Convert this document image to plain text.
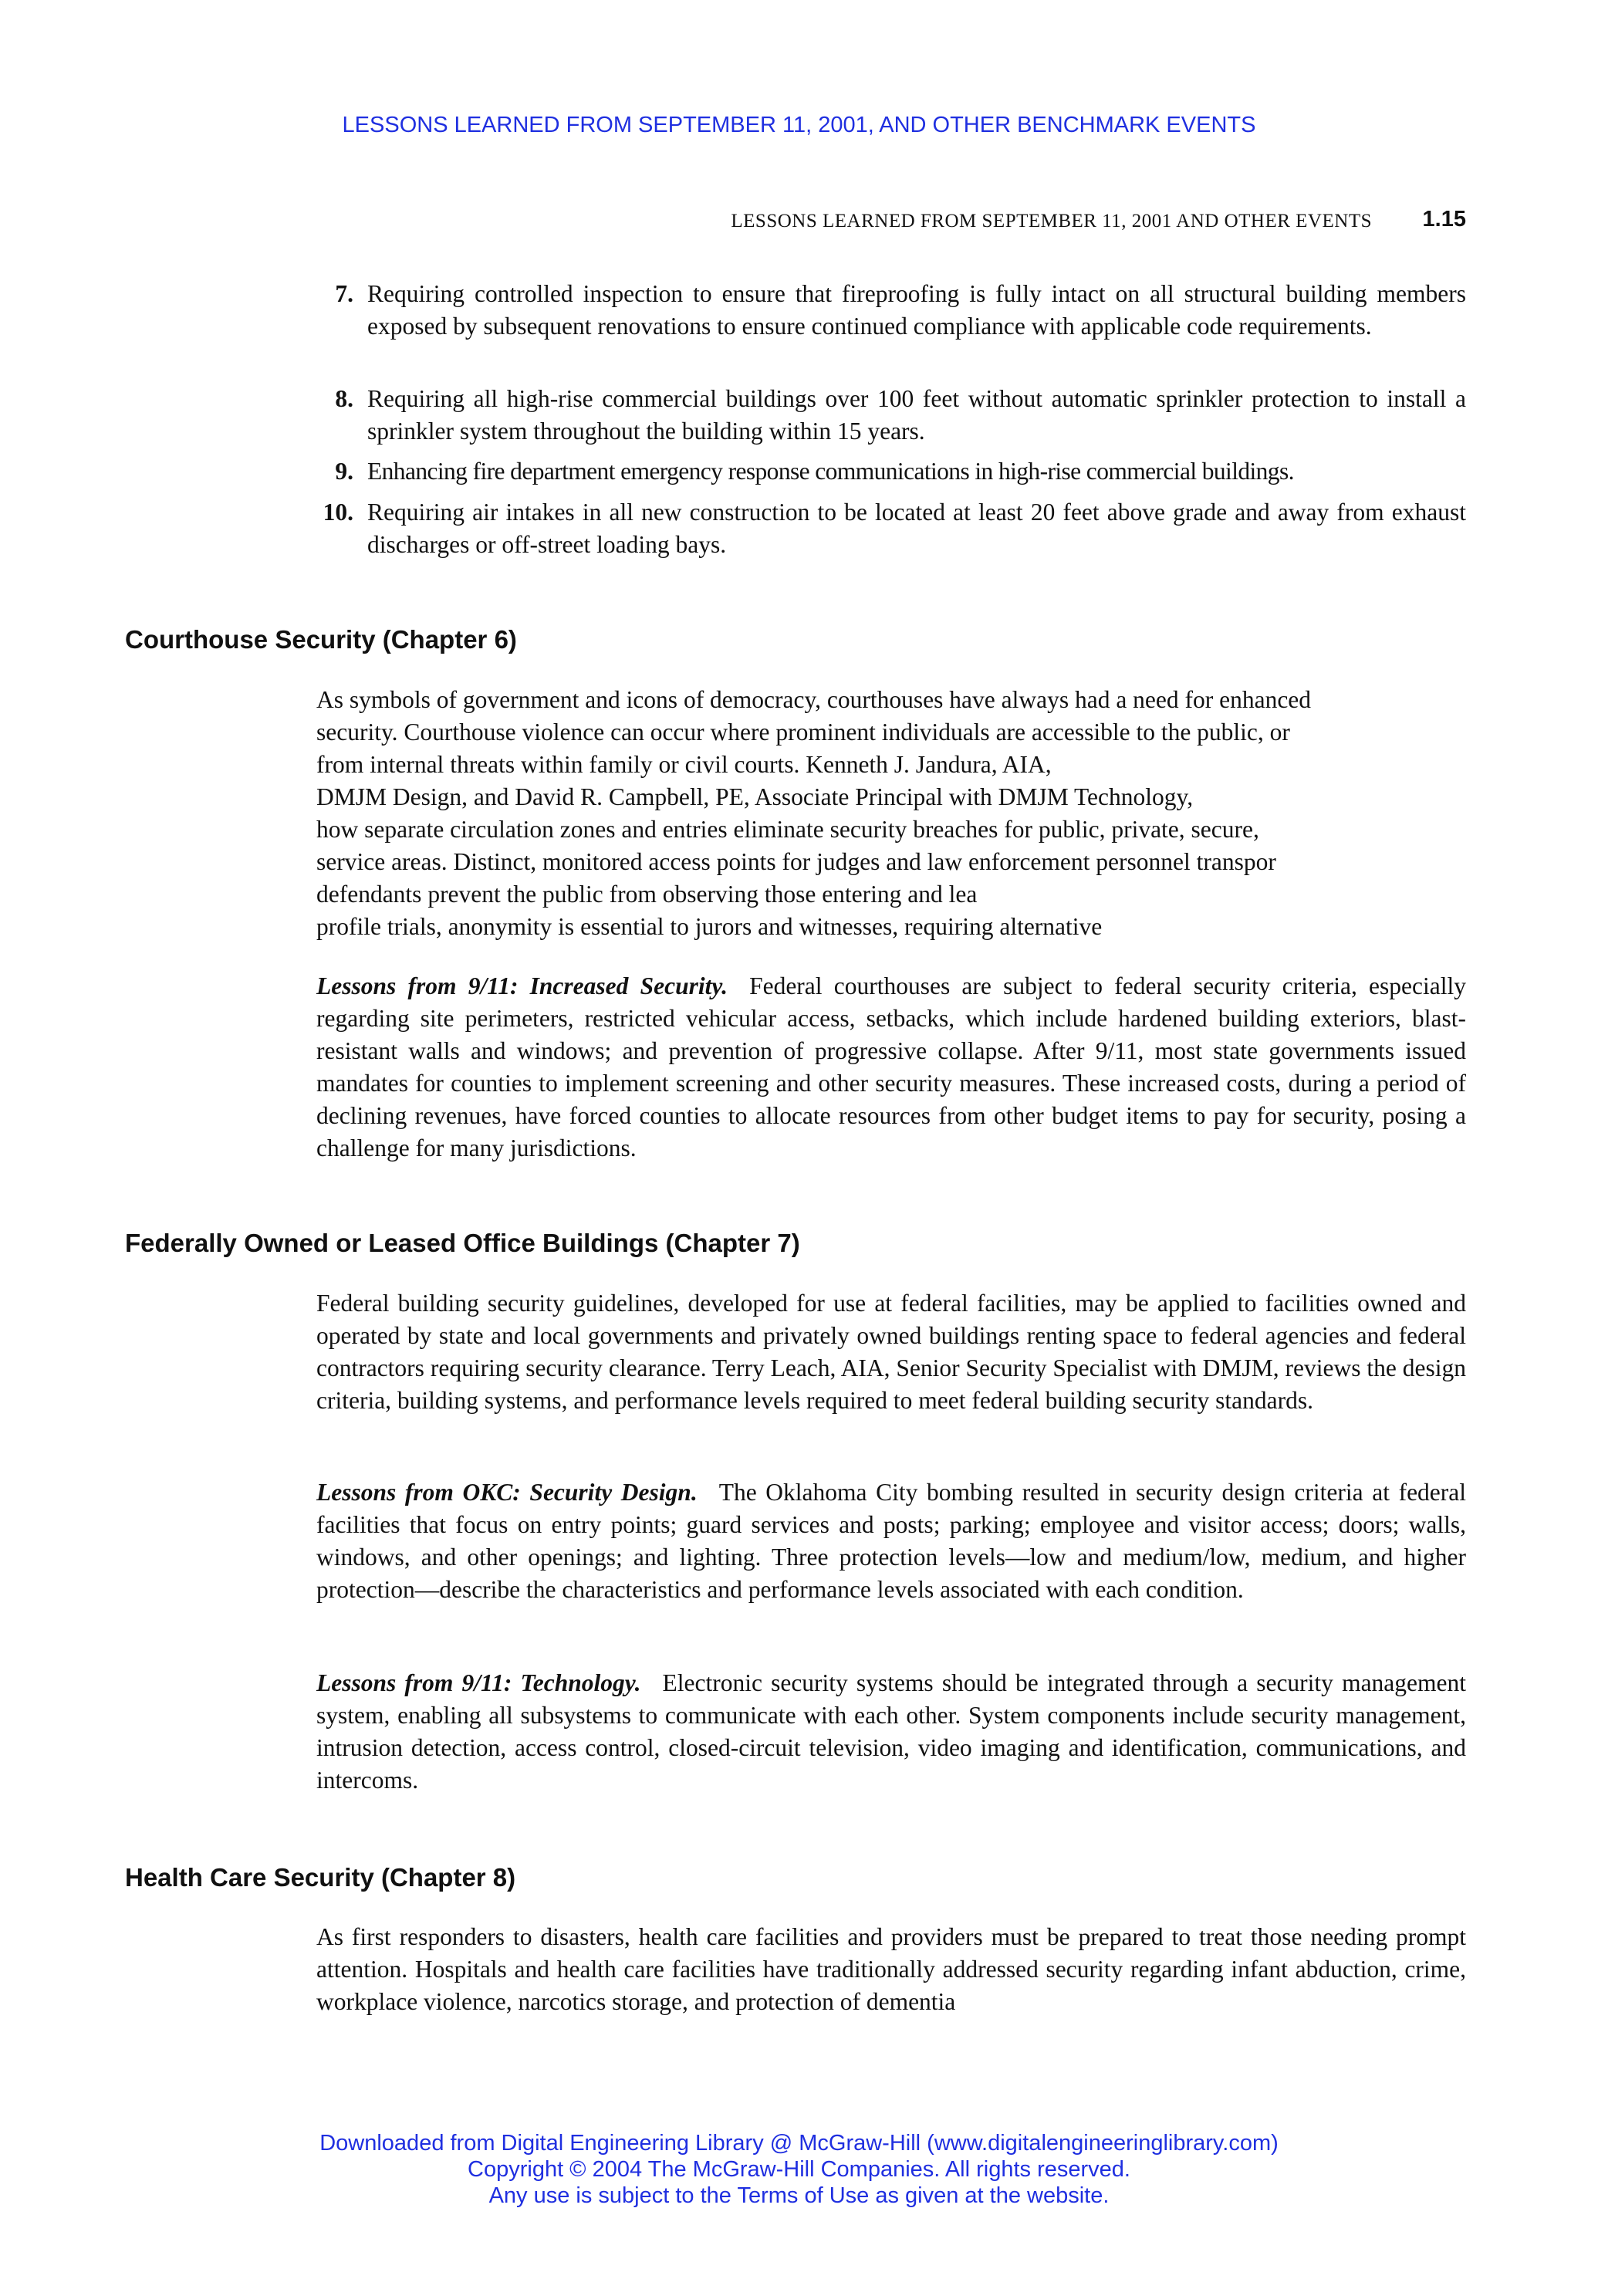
LESSONS LEARNED FROM SEPTEMBER 11, 2001, AND OTHER BENCHMARK EVENTS
LESSONS LEARNED FROM SEPTEMBER 11, 2001 AND OTHER EVENTS 1.15
7. Requiring controlled inspection to ensure that fireproofing is fully intact on all structural building members exposed by subsequent renovations to ensure continued compliance with applicable code requirements.
8. Requiring all high-rise commercial buildings over 100 feet without automatic sprinkler protection to install a sprinkler system throughout the building within 15 years.
9. Enhancing fire department emergency response communications in high-rise commercial buildings.
10. Requiring air intakes in all new construction to be located at least 20 feet above grade and away from exhaust discharges or off-street loading bays.
Courthouse Security (Chapter 6)
As symbols of government and icons of democracy, courthouses have always had a need for enhanced
security. Courthouse violence can occur where prominent individuals are accessible to the public, or
from internal threats within family or civil courts. Kenneth J. Jandura, AIA,
DMJM Design, and David R. Campbell, PE, Associate Principal with DMJM Technology,
how separate circulation zones and entries eliminate security breaches for public, private, secure,
service areas. Distinct, monitored access points for judges and law enforcement personnel transpor
defendants prevent the public from observing those entering and lea
profile trials, anonymity is essential to jurors and witnesses, requiring alternative
Lessons from 9/11: Increased Security. Federal courthouses are subject to federal security criteria, especially regarding site perimeters, restricted vehicular access, setbacks, which include hardened building exteriors, blast-resistant walls and windows; and prevention of progressive collapse. After 9/11, most state governments issued mandates for counties to implement screening and other security measures. These increased costs, during a period of declining revenues, have forced counties to allocate resources from other budget items to pay for security, posing a challenge for many jurisdictions.
Federally Owned or Leased Office Buildings (Chapter 7)
Federal building security guidelines, developed for use at federal facilities, may be applied to facilities owned and operated by state and local governments and privately owned buildings renting space to federal agencies and federal contractors requiring security clearance. Terry Leach, AIA, Senior Security Specialist with DMJM, reviews the design criteria, building systems, and performance levels required to meet federal building security standards.
Lessons from OKC: Security Design. The Oklahoma City bombing resulted in security design criteria at federal facilities that focus on entry points; guard services and posts; parking; employee and visitor access; doors; walls, windows, and other openings; and lighting. Three protection levels—low and medium/low, medium, and higher protection—describe the characteristics and performance levels associated with each condition.
Lessons from 9/11: Technology. Electronic security systems should be integrated through a security management system, enabling all subsystems to communicate with each other. System components include security management, intrusion detection, access control, closed-circuit television, video imaging and identification, communications, and intercoms.
Health Care Security (Chapter 8)
As first responders to disasters, health care facilities and providers must be prepared to treat those needing prompt attention. Hospitals and health care facilities have traditionally addressed security regarding infant abduction, crime, workplace violence, narcotics storage, and protection of dementia
Downloaded from Digital Engineering Library @ McGraw-Hill (www.digitalengineeringlibrary.com)
Copyright © 2004 The McGraw-Hill Companies. All rights reserved.
Any use is subject to the Terms of Use as given at the website.
